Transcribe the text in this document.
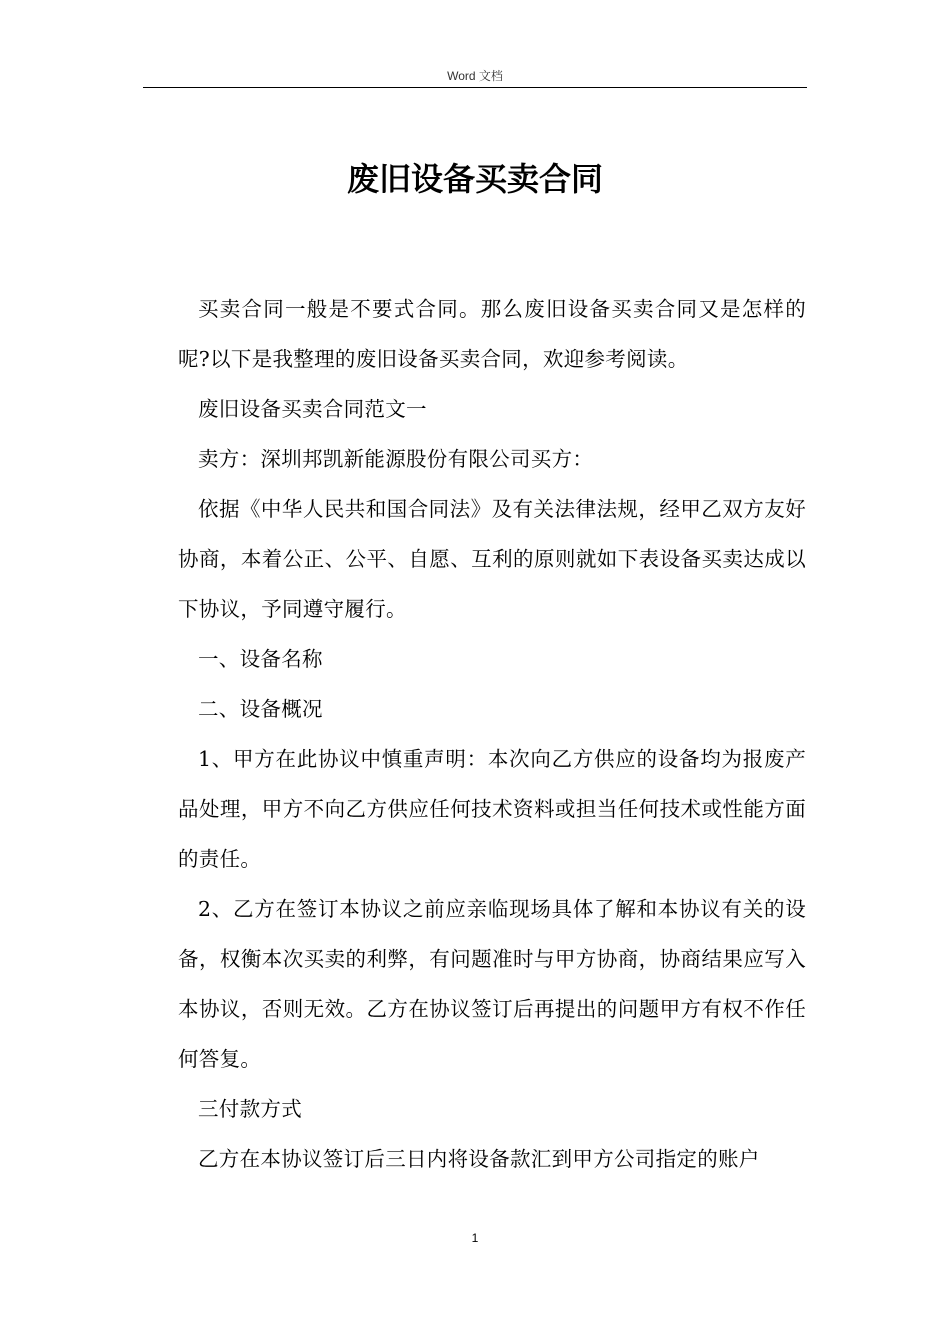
Word 文档
废旧设备买卖合同

买卖合同一般是不要式合同。那么废旧设备买卖合同又是怎样的呢?以下是我整理的废旧设备买卖合同，欢迎参考阅读。

废旧设备买卖合同范文一

卖方：深圳邦凯新能源股份有限公司买方：

依据《中华人民共和国合同法》及有关法律法规，经甲乙双方友好协商，本着公正、公平、自愿、互利的原则就如下表设备买卖达成以下协议，予同遵守履行。

一、设备名称

二、设备概况

1、甲方在此协议中慎重声明：本次向乙方供应的设备均为报废产品处理，甲方不向乙方供应任何技术资料或担当任何技术或性能方面的责任。

2、乙方在签订本协议之前应亲临现场具体了解和本协议有关的设备，权衡本次买卖的利弊，有问题准时与甲方协商，协商结果应写入本协议，否则无效。乙方在协议签订后再提出的问题甲方有权不作任何答复。

三付款方式

乙方在本协议签订后三日内将设备款汇到甲方公司指定的账户

1
